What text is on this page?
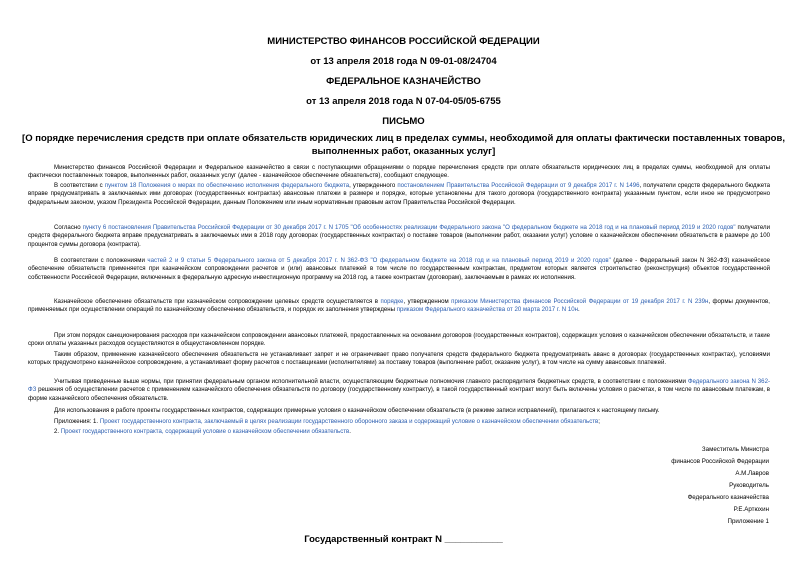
МИНИСТЕРСТВО ФИНАНСОВ РОССИЙСКОЙ ФЕДЕРАЦИИ
от 13 апреля 2018 года N 09-01-08/24704
ФЕДЕРАЛЬНОЕ КАЗНАЧЕЙСТВО
от 13 апреля 2018 года N 07-04-05/05-6755
ПИСЬМО
[О порядке перечисления средств при оплате обязательств юридических лиц в пределах суммы, необходимой для оплаты фактически поставленных товаров,
выполненных работ, оказанных услуг]
Министерство финансов Российской Федерации и Федеральное казначейство в связи с поступающими обращениями о порядке перечисления средств при оплате обязательств юридических лиц в пределах суммы, необходимой для оплаты фактически поставленных товаров, выполненных работ, оказанных услуг (далее - казначейское обеспечение обязательств), сообщают следующее.
В соответствии с пунктом 18 Положения о мерах по обеспечению исполнения федерального бюджета, утвержденного постановлением Правительства Российской Федерации от 9 декабря 2017 г. N 1496, получатели средств федерального бюджета вправе предусматривать в заключаемых ими договорах (государственных контрактах) авансовые платежи в размере и порядке, которые установлены для такого договора (государственного контракта) указанным пунктом, если иное не предусмотрено федеральным законом, указом Президента Российской Федерации, данным Положением или иным нормативным правовым актом Правительства Российской Федерации.
Согласно пункту 6 постановления Правительства Российской Федерации от 30 декабря 2017 г. N 1705 "Об особенностях реализации Федерального закона "О федеральном бюджете на 2018 год и на плановый период 2019 и 2020 годов" получатели средств федерального бюджета вправе предусматривать в заключаемых ими в 2018 году договорах (государственных контрактах) о поставке товаров (выполнении работ, оказании услуг) условие о казначейском обеспечении обязательств в размере до 100 процентов суммы договора (контракта).
В соответствии с положениями частей 2 и 9 статьи 5 Федерального закона от 5 декабря 2017 г. N 362-ФЗ "О федеральном бюджете на 2018 год и на плановый период 2019 и 2020 годов" (далее - Федеральный закон N 362-ФЗ) казначейское обеспечение обязательств применяется при казначейском сопровождении расчетов и (или) авансовых платежей в том числе по государственным контрактам, предметом которых является строительство (реконструкция) объектов государственной собственности Российской Федерации, включенных в федеральную адресную инвестиционную программу на 2018 год, а также контрактам (договорам), заключаемым в рамках их исполнения.
Казначейское обеспечение обязательств при казначейском сопровождении целевых средств осуществляется в порядке, утвержденном приказом Министерства финансов Российской Федерации от 19 декабря 2017 г. N 239н, формы документов, применяемых при осуществлении операций по казначейскому обеспечению обязательств, и порядок их заполнения утверждены приказом Федерального казначейства от 20 марта 2017 г. N 10н.
При этом порядок санкционирования расходов при казначейском сопровождении авансовых платежей, предоставленных на основании договоров (государственных контрактов), содержащих условия о казначейском обеспечении обязательств, и такие сроки оплаты указанных расходов осуществляются в общеустановленном порядке.
Таким образом, применение казначейского обеспечения обязательств не устанавливает запрет и не ограничивает право получателя средств федерального бюджета предусматривать аванс в договорах (государственных контрактах), условиями которых предусмотрено казначейское сопровождение, а устанавливает форму расчетов с поставщиками (исполнителями) за поставку товаров (выполнение работ, оказание услуг), в том числе на сумму авансовых платежей.
Учитывая приведенные выше нормы, при принятии федеральным органом исполнительной власти, осуществляющим бюджетные полномочия главного распорядителя бюджетных средств, в соответствии с положениями Федерального закона N 362-ФЗ решения об осуществлении расчетов с применением казначейского обеспечения обязательств по договору (государственному контракту), в такой государственный контракт могут быть включены условия о расчетах, в том числе по авансовым платежам, в форме казначейского обеспечения обязательств.
Для использования в работе проекты государственных контрактов, содержащих примерные условия о казначейском обеспечении обязательств (в режиме записи исправлений), прилагаются к настоящему письму.
Приложения: 1. Проект государственного контракта, заключаемый в целях реализации государственного оборонного заказа и содержащий условие о казначейском обеспечении обязательств;
2. Проект государственного контракта, содержащий условие о казначейском обеспечении обязательств.
Заместитель Министра
финансов Российской Федерации
А.М.Лавров
Руководитель
Федерального казначейства
Р.Е.Артюхин
Приложение 1
Государственный контракт N ___________
